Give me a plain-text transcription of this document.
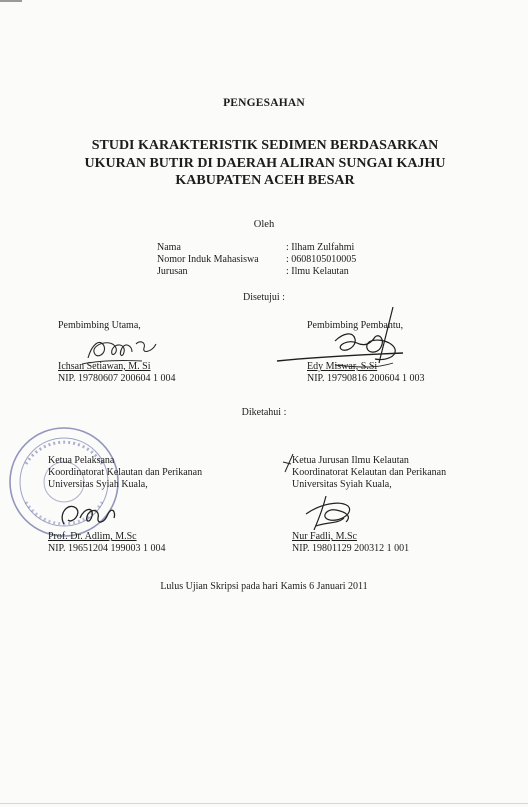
PENGESAHAN
STUDI KARAKTERISTIK SEDIMEN BERDASARKAN
UKURAN BUTIR DI DAERAH ALIRAN SUNGAI KAJHU
KABUPATEN ACEH BESAR
Oleh
Nama	: Ilham Zulfahmi
Nomor Induk Mahasiswa	: 0608105010005
Jurusan	: Ilmu Kelautan
Disetujui :
Pembimbing Utama,
Ichsan Setiawan, M. Si
NIP. 19780607 200604 1 004
Pembimbing Pembantu,
Edy Miswar, S.Si
NIP. 19790816 200604 1 003
Diketahui :
Ketua Pelaksana
Koordinatorat Kelautan dan Perikanan
Universitas Syiah Kuala,
Prof. Dr. Adlim, M.Sc
NIP. 19651204 199003 1 004
Ketua Jurusan Ilmu Kelautan
Koordinatorat Kelautan dan Perikanan
Universitas Syiah Kuala,
Nur Fadli, M.Sc
NIP. 19801129 200312 1 001
Lulus Ujian Skripsi pada hari Kamis 6 Januari 2011
